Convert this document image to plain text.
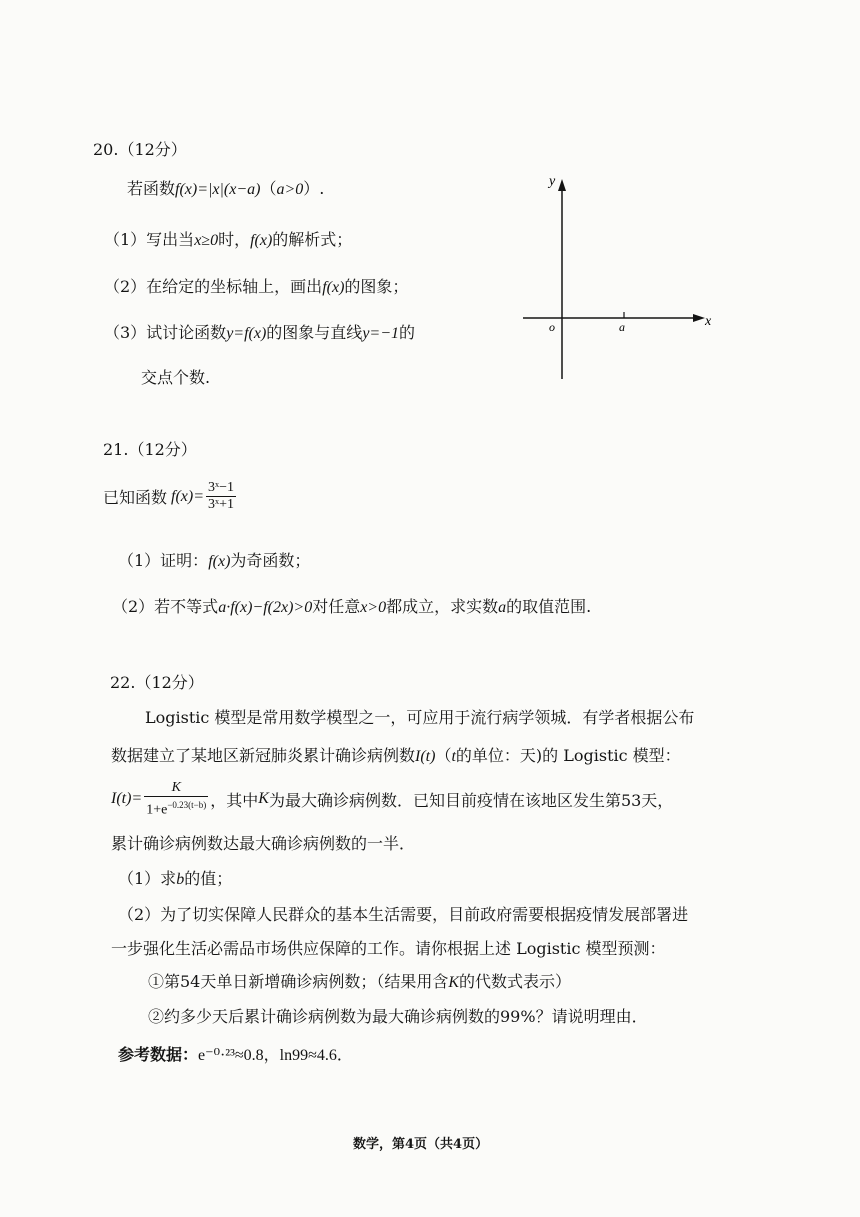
20.（12分）
若函数f(x)=|x|(x−a)（a>0）.
（1）写出当x≥0时，f(x)的解析式；
（2）在给定的坐标轴上，画出f(x)的图象；
（3）试讨论函数y=f(x)的图象与直线y=−1的
交点个数.
y
x
o	a
21.（12分）
已知函数 $f(x)= \frac{\text{3ˣ−1}}{\text{3ˣ+1}}$
（1）证明：f(x)为奇函数；
（2）若不等式a·f(x)−f(2x)>0对任意x>0都成立，求实数a的取值范围.
22.（12分）
Logistic 模型是常用数学模型之一，可应用于流行病学领城．有学者根据公布
数据建立了某地区新冠肺炎累计确诊病例数I(t)（t的单位：天)的 Logistic 模型：
$I(t)= \frac{K}{1+e^{-0.23(t-b)}}$ ，其中 K 为最大确诊病例数．已知目前疫情在该地区发生第53天，
累计确诊病例数达最大确诊病例数的一半．
（1）求b的值；
（2）为了切实保障人民群众的基本生活需要，目前政府需要根据疫情发展部署进
一步强化生活必需品市场供应保障的工作。请你根据上述 Logistic 模型预测：
①第54天单日新增确诊病例数；（结果用含K的代数式表示）
②约多少天后累计确诊病例数为最大确诊病例数的99%？请说明理由．
参考数据：e⁻⁰·²³≈0.8，ln99≈4.6．
数学，第4页（共4页）
